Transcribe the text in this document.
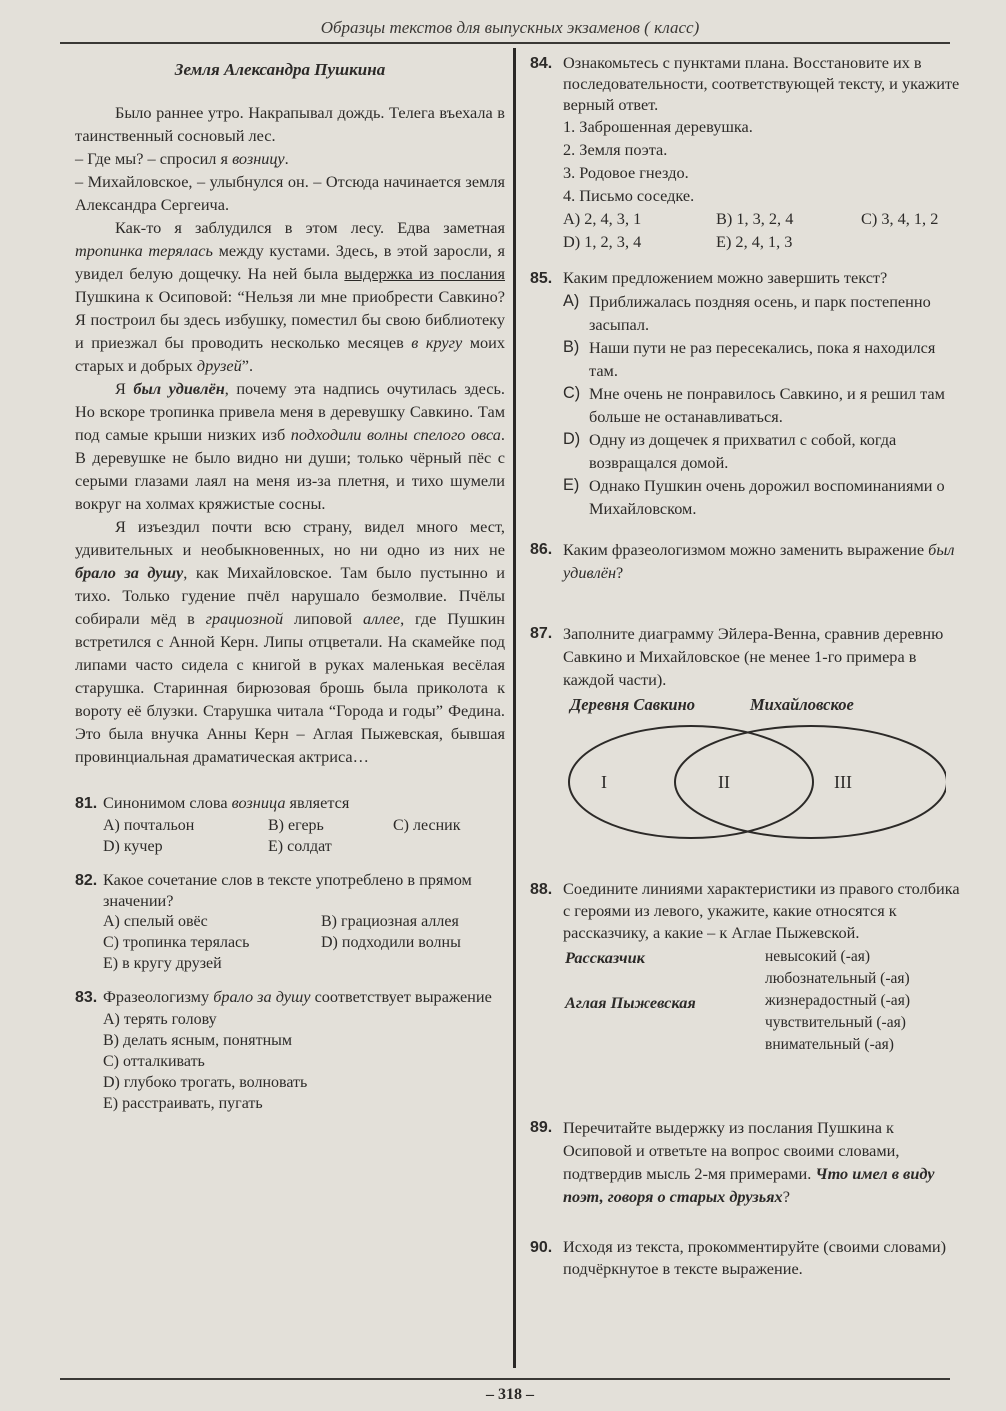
Образцы текстов для выпускных экзаменов ( класс)
Земля Александра Пушкина

Было раннее утро. Накрапывал дождь. Телега въехала в таинственный сосновый лес.

– Где мы? – спросил я возницу.

– Михайловское, – улыбнулся он. – Отсюда начинается земля Александра Сергеича.

Как-то я заблудился в этом лесу. Едва заметная тропинка терялась между кустами. Здесь, в этой заросли, я увидел белую дощечку. На ней была выдержка из послания Пушкина к Осиповой: “Нельзя ли мне приобрести Савкино? Я построил бы здесь избушку, поместил бы свою библиотеку и приезжал бы проводить несколько месяцев в кругу моих старых и добрых друзей”.

Я был удивлён, почему эта надпись очутилась здесь. Но вскоре тропинка привела меня в деревушку Савкино. Там под самые крыши низких изб подходили волны спелого овса. В деревушке не было видно ни души; только чёрный пёс с серыми глазами лаял на меня из-за плетня, и тихо шумели вокруг на холмах кряжистые сосны.

Я изъездил почти всю страну, видел много мест, удивительных и необыкновенных, но ни одно из них не брало за душу, как Михайловское. Там было пустынно и тихо. Только гудение пчёл нарушало безмолвие. Пчёлы собирали мёд в грациозной липовой аллее, где Пушкин встретился с Анной Керн. Липы отцветали. На скамейке под липами часто сидела с книгой в руках маленькая весёлая старушка. Старинная бирюзовая брошь была приколота к вороту её блузки. Старушка читала “Города и годы” Федина. Это была внучка Анны Керн – Аглая Пыжевская, бывшая провинциальная драматическая актриса…

81. Синонимом слова возница является
A) почтальон	B) егерь	C) лесник
D) кучер	E) солдат
82. Какое сочетание слов в тексте употреблено в прямом значении?
A) спелый овёс	B) грациозная аллея
C) тропинка терялась	D) подходили волны
E) в кругу друзей
83. Фразеологизму брало за душу соответствует выражение
A) терять голову
B) делать ясным, понятным
C) отталкивать
D) глубоко трогать, волновать
E) расстраивать, пугать
84. Ознакомьтесь с пунктами плана. Восстановите их в последовательности, соответствующей тексту, и укажите верный ответ.
1. Заброшенная деревушка.
2. Земля поэта.
3. Родовое гнездо.
4. Письмо соседке.
A) 2, 4, 3, 1	B) 1, 3, 2, 4	C) 3, 4, 1, 2
D) 1, 2, 3, 4	E) 2, 4, 1, 3
85. Каким предложением можно завершить текст?
A) Приближалась поздняя осень, и парк постепенно засыпал.
B) Наши пути не раз пересекались, пока я находился там.
C) Мне очень не понравилось Савкино, и я решил там больше не останавливаться.
D) Одну из дощечек я прихватил с собой, когда возвращался домой.
E) Однако Пушкин очень дорожил воспоминаниями о Михайловском.
86. Каким фразеологизмом можно заменить выражение был удивлён?
87. Заполните диаграмму Эйлера-Венна, сравнив деревню Савкино и Михайловское (не менее 1-го примера в каждой части).
Деревня Савкино	Михайловское
I	II	III
88. Соедините линиями характеристики из правого столбика с героями из левого, укажите, какие относятся к рассказчику, а какие – к Аглае Пыжевской.
Рассказчик
Аглая Пыжевская
невысокий (-ая)
любознательный (-ая)
жизнерадостный (-ая)
чувствительный (-ая)
внимательный (-ая)
89. Перечитайте выдержку из послания Пушкина к Осиповой и ответьте на вопрос своими словами, подтвердив мысль 2-мя примерами. Что имел в виду поэт, говоря о старых друзьях?
90. Исходя из текста, прокомментируйте (своими словами) подчёркнутое в тексте выражение.
– 318 –
